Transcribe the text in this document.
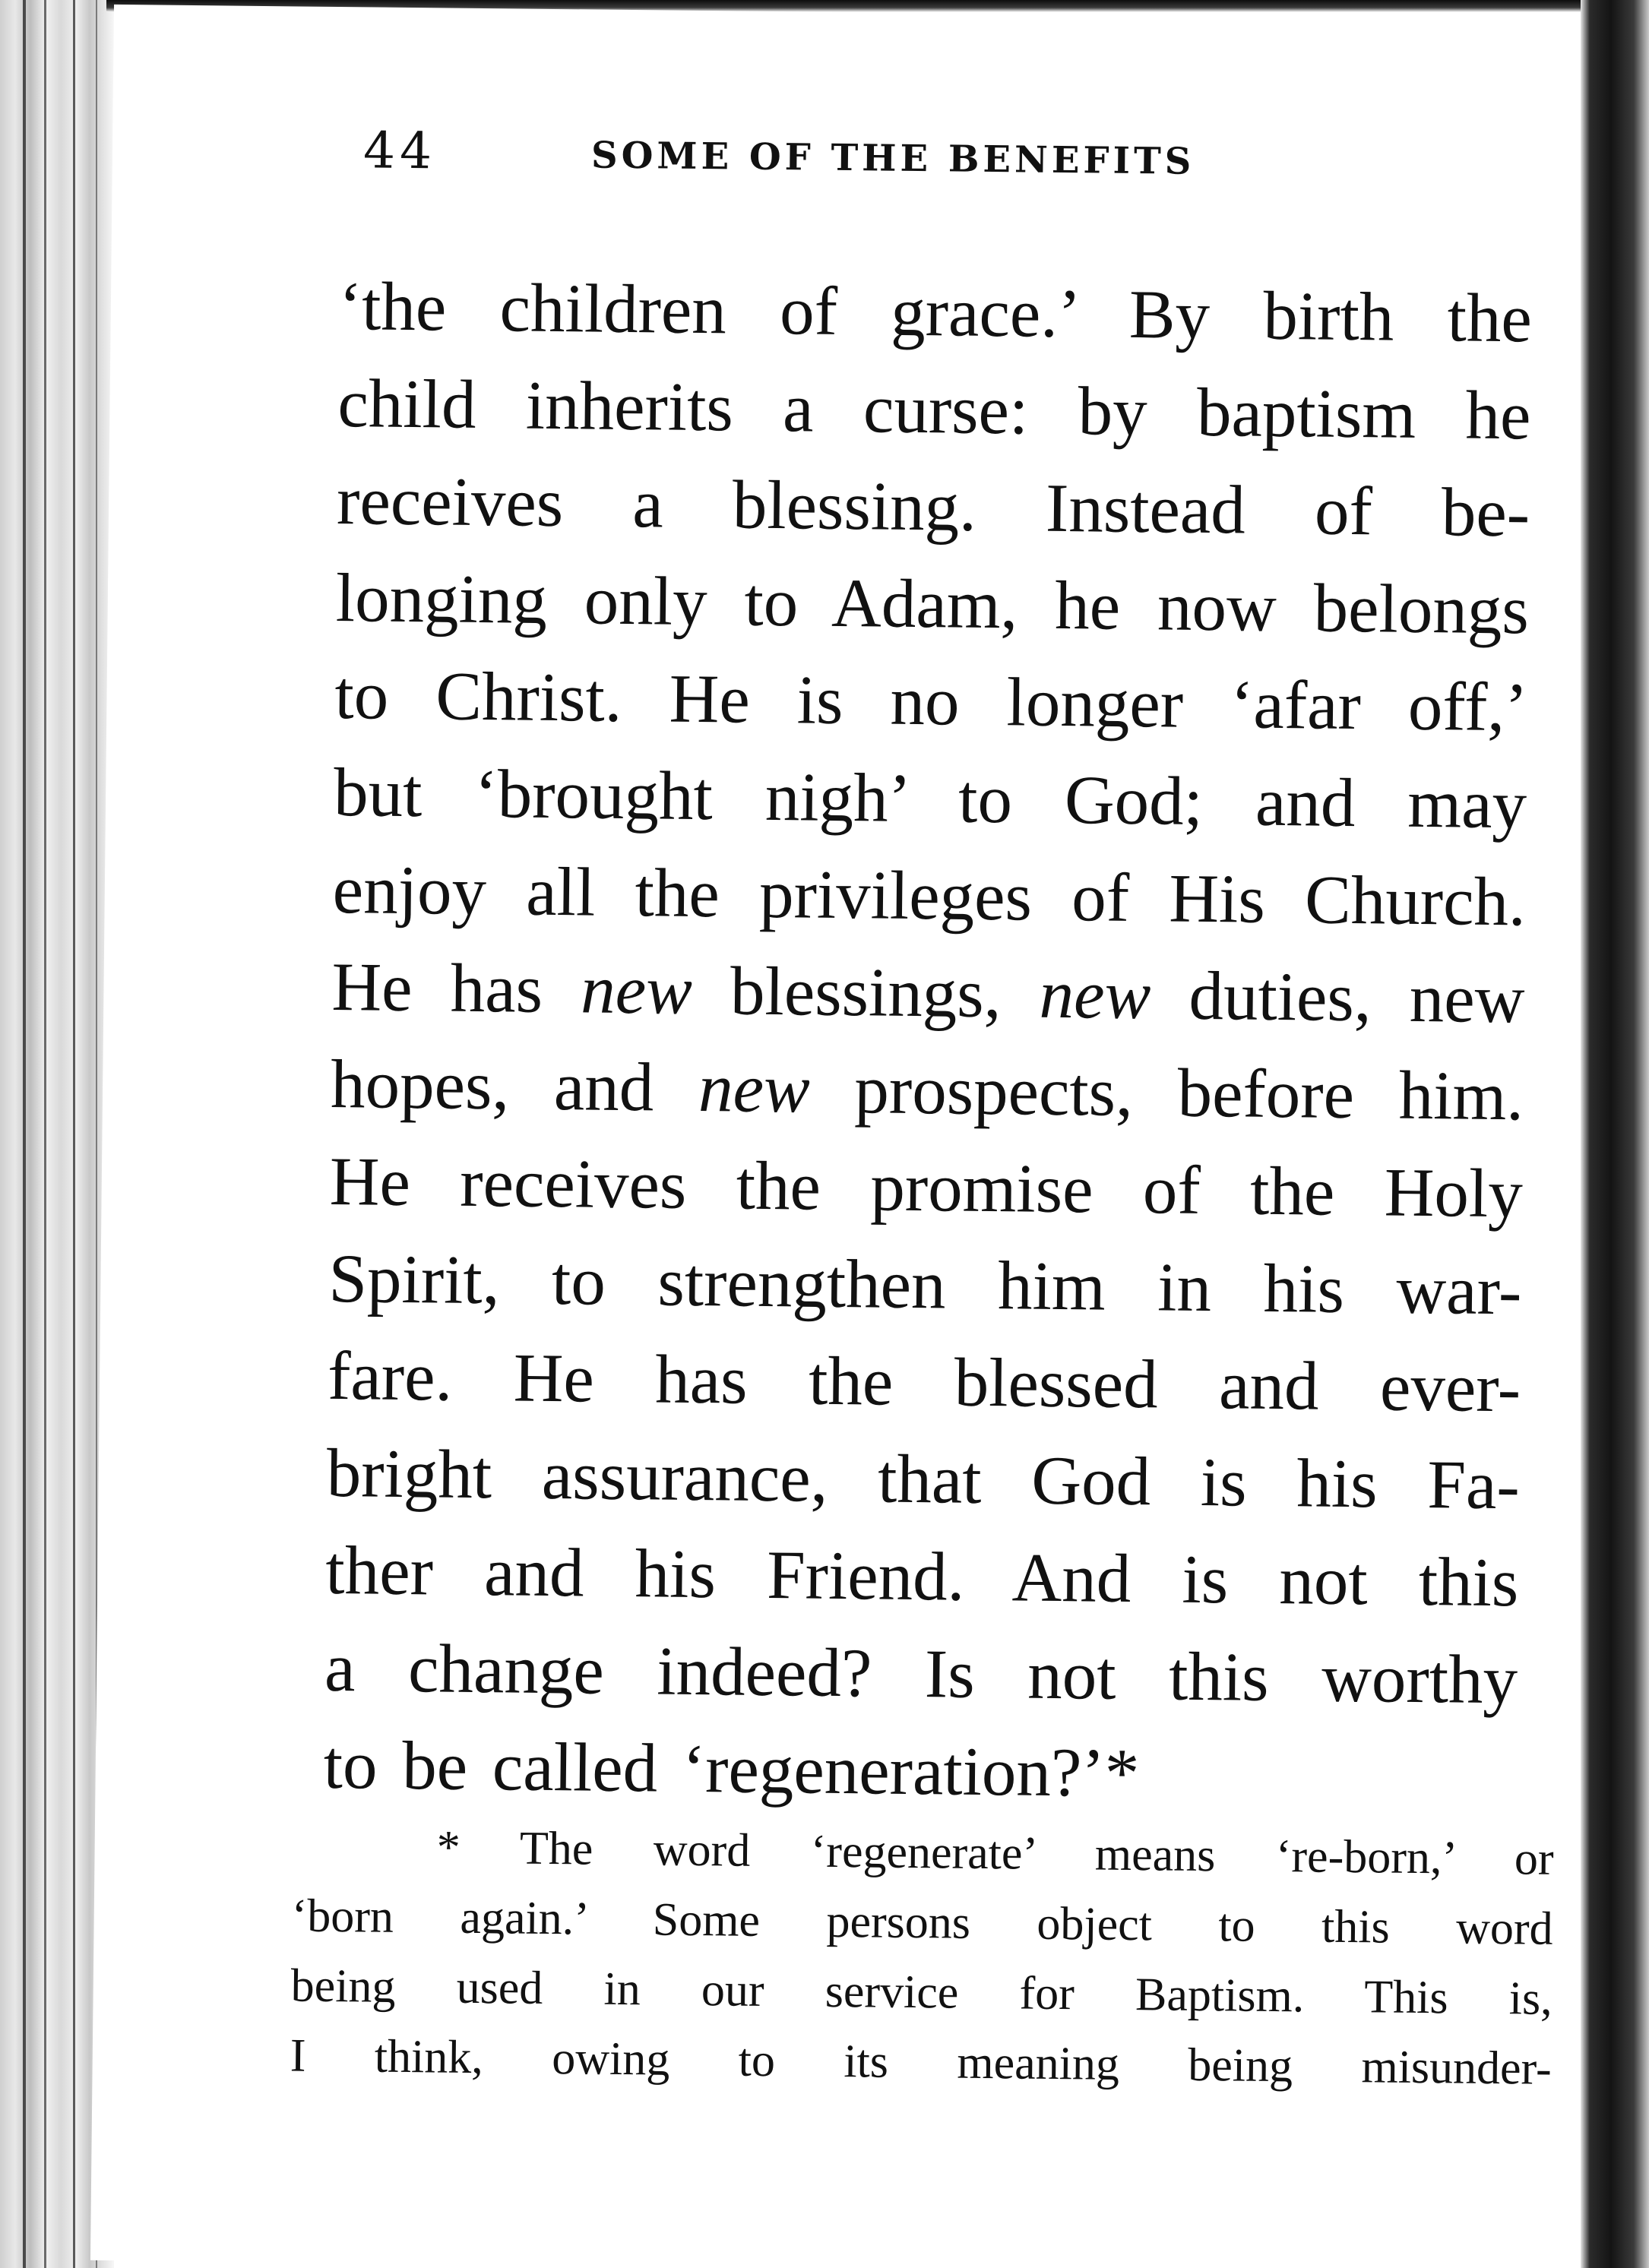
44	SOME OF THE BENEFITS
‘the children of grace.’ By birth the
child inherits a curse: by baptism he
receives a blessing. Instead of be-
longing only to Adam, he now belongs
to Christ. He is no longer ‘afar off,’
but ‘brought nigh’ to God; and may
enjoy all the privileges of His Church.
He has new blessings, new duties, new
hopes, and new prospects, before him.
He receives the promise of the Holy
Spirit, to strengthen him in his war-
fare. He has the blessed and ever-
bright assurance, that God is his Fa-
ther and his Friend. And is not this
a change indeed? Is not this worthy
to be called ‘regeneration?’*
* The word ‘regenerate’ means ‘re-born,’ or
‘born again.’ Some persons object to this word
being used in our service for Baptism. This is,
I think, owing to its meaning being misunder-
